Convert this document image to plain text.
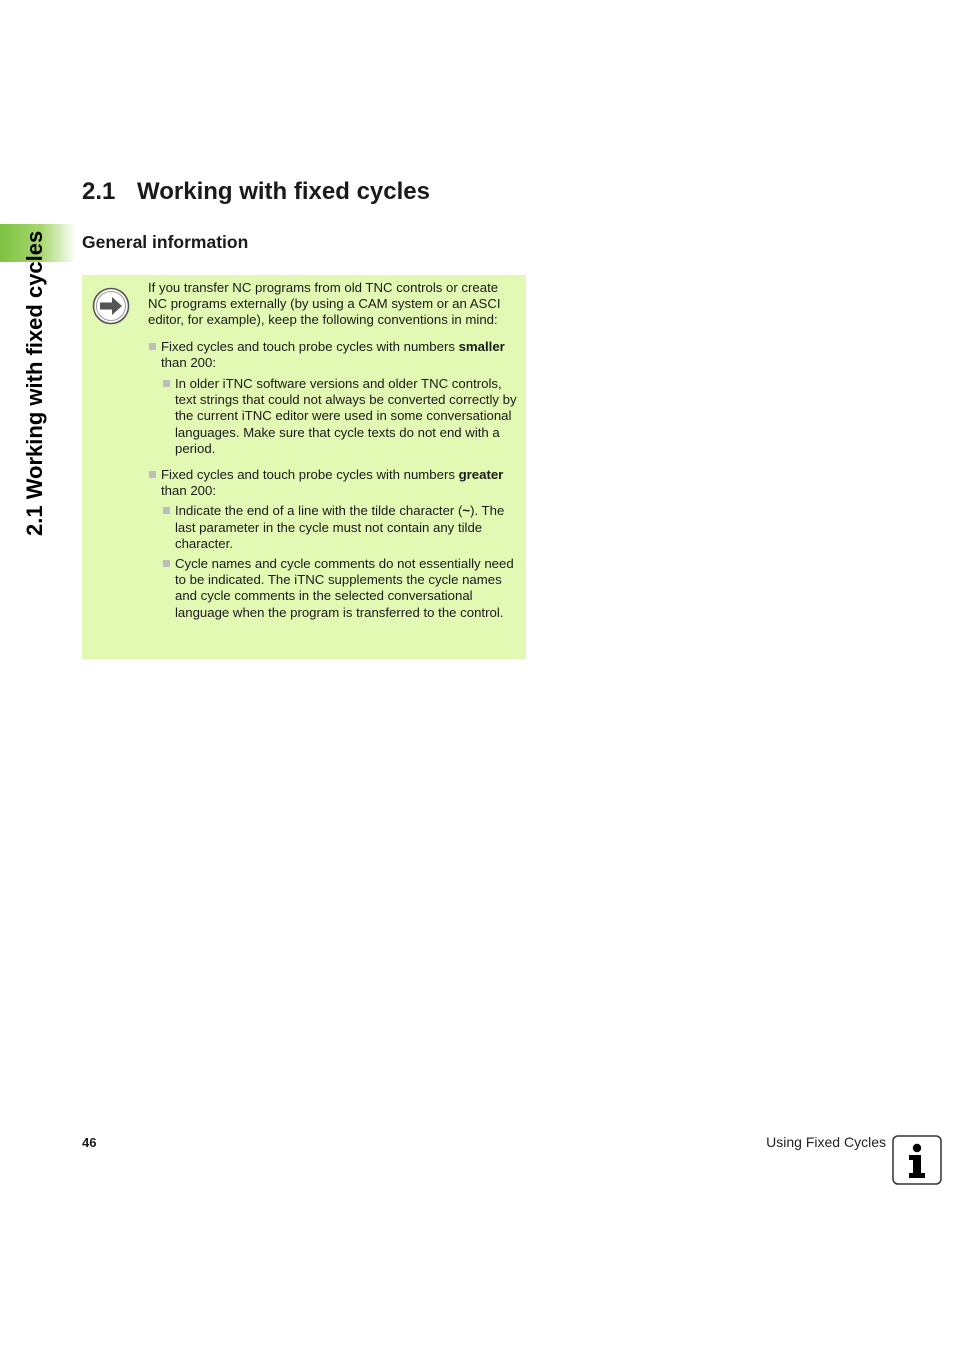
2.1 Working with fixed cycles
2.1 Working with fixed cycles
General information

If you transfer NC programs from old TNC controls or create NC programs externally (by using a CAM system or an ASCI editor, for example), keep the following conventions in mind:

Fixed cycles and touch probe cycles with numbers smaller than 200:

In older iTNC software versions and older TNC controls, text strings that could not always be converted correctly by the current iTNC editor were used in some conversational languages. Make sure that cycle texts do not end with a period.

Fixed cycles and touch probe cycles with numbers greater than 200:

Indicate the end of a line with the tilde character (~). The last parameter in the cycle must not contain any tilde character.

Cycle names and cycle comments do not essentially need to be indicated. The iTNC supplements the cycle names and cycle comments in the selected conversational language when the program is transferred to the control.

46	Using Fixed Cycles
